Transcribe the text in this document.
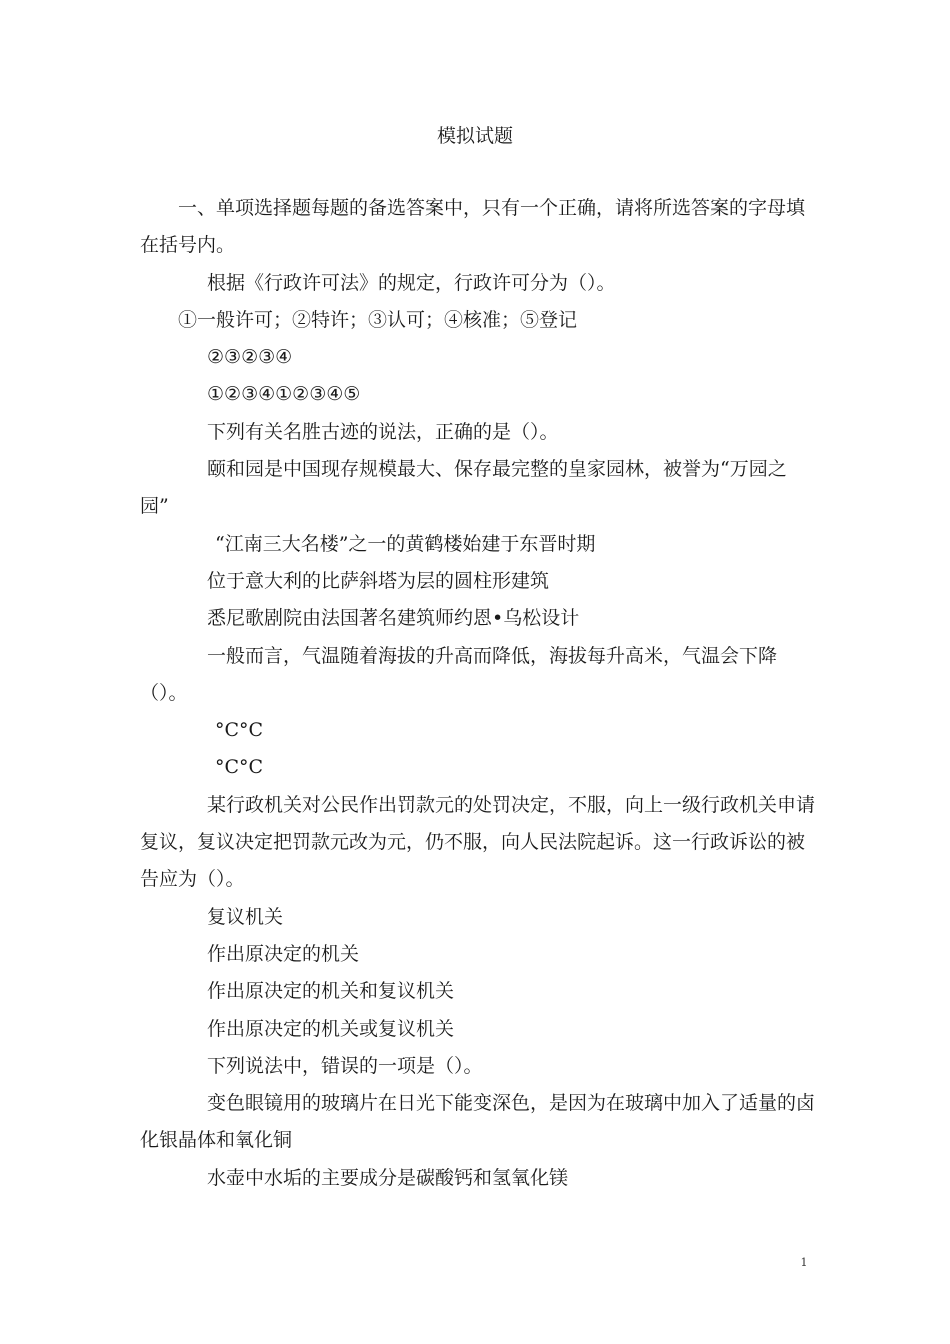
模拟试题

一、单项选择题每题的备选答案中，只有一个正确，请将所选答案的字母填在括号内。

根据《行政许可法》的规定，行政许可分为（）。

①一般许可；②特许；③认可；④核准；⑤登记

②③②③④

①②③④①②③④⑤

下列有关名胜古迹的说法，正确的是（）。

颐和园是中国现存规模最大、保存最完整的皇家园林，被誉为“万园之园”

“江南三大名楼”之一的黄鹤楼始建于东晋时期

位于意大利的比萨斜塔为层的圆柱形建筑

悉尼歌剧院由法国著名建筑师约恩•乌松设计

一般而言，气温随着海拔的升高而降低，海拔每升高米，气温会下降（）。

°C°C

°C°C

某行政机关对公民作出罚款元的处罚决定，不服，向上一级行政机关申请复议，复议决定把罚款元改为元，仍不服，向人民法院起诉。这一行政诉讼的被告应为（）。

复议机关

作出原决定的机关

作出原决定的机关和复议机关

作出原决定的机关或复议机关

下列说法中，错误的一项是（）。

变色眼镜用的玻璃片在日光下能变深色，是因为在玻璃中加入了适量的卤化银晶体和氧化铜

水壶中水垢的主要成分是碳酸钙和氢氧化镁

1
